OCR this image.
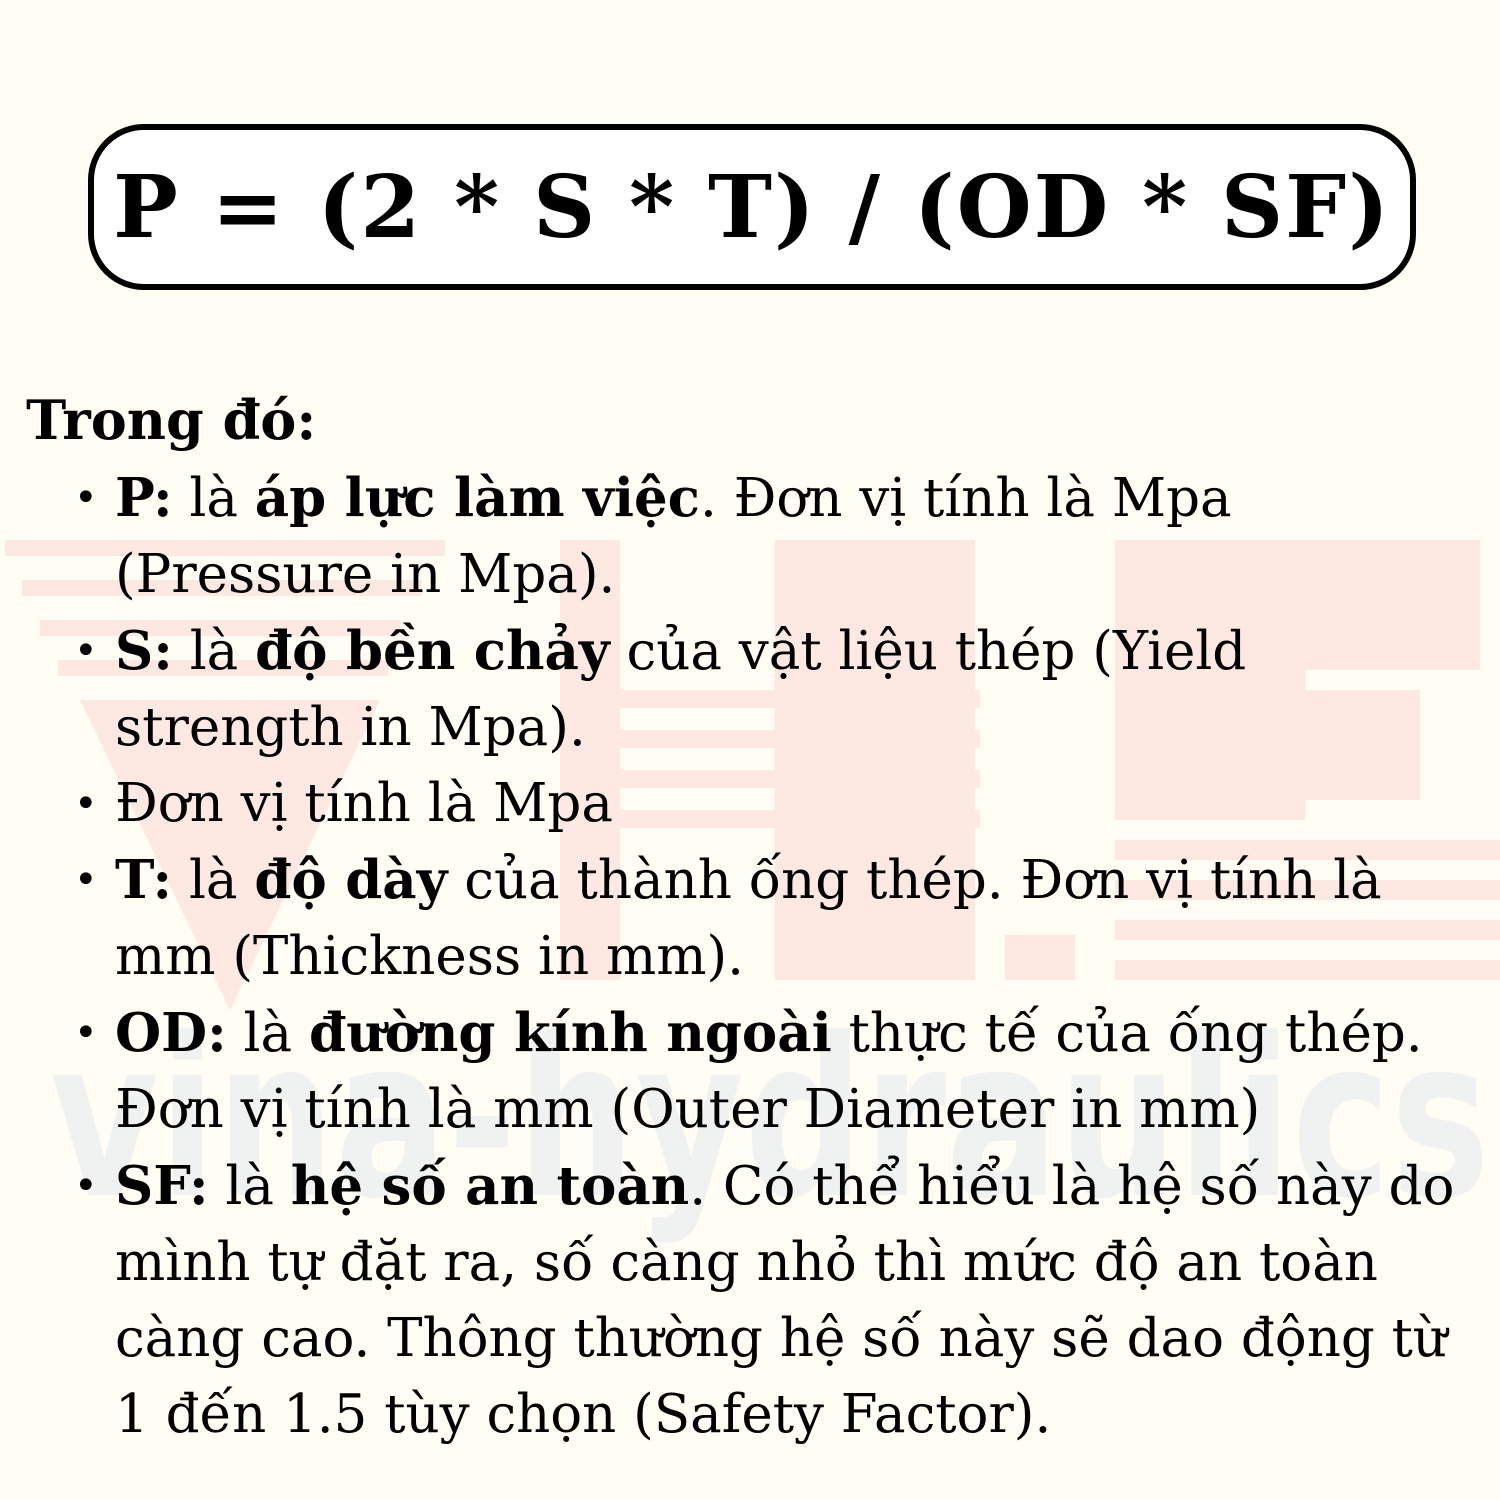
vina-hydraulics
P = (2 * S * T) / (OD * SF)
Trong đó:
• P: là áp lực làm việc. Đơn vị tính là Mpa
(Pressure in Mpa).
• S: là độ bền chảy của vật liệu thép (Yield
strength in Mpa).
• Đơn vị tính là Mpa
• T: là độ dày của thành ống thép. Đơn vị tính là
mm (Thickness in mm).
• OD: là đường kính ngoài thực tế của ống thép.
Đơn vị tính là mm (Outer Diameter in mm)
• SF: là hệ số an toàn. Có thể hiểu là hệ số này do
mình tự đặt ra, số càng nhỏ thì mức độ an toàn
càng cao. Thông thường hệ số này sẽ dao động từ
1 đến 1.5 tùy chọn (Safety Factor).
